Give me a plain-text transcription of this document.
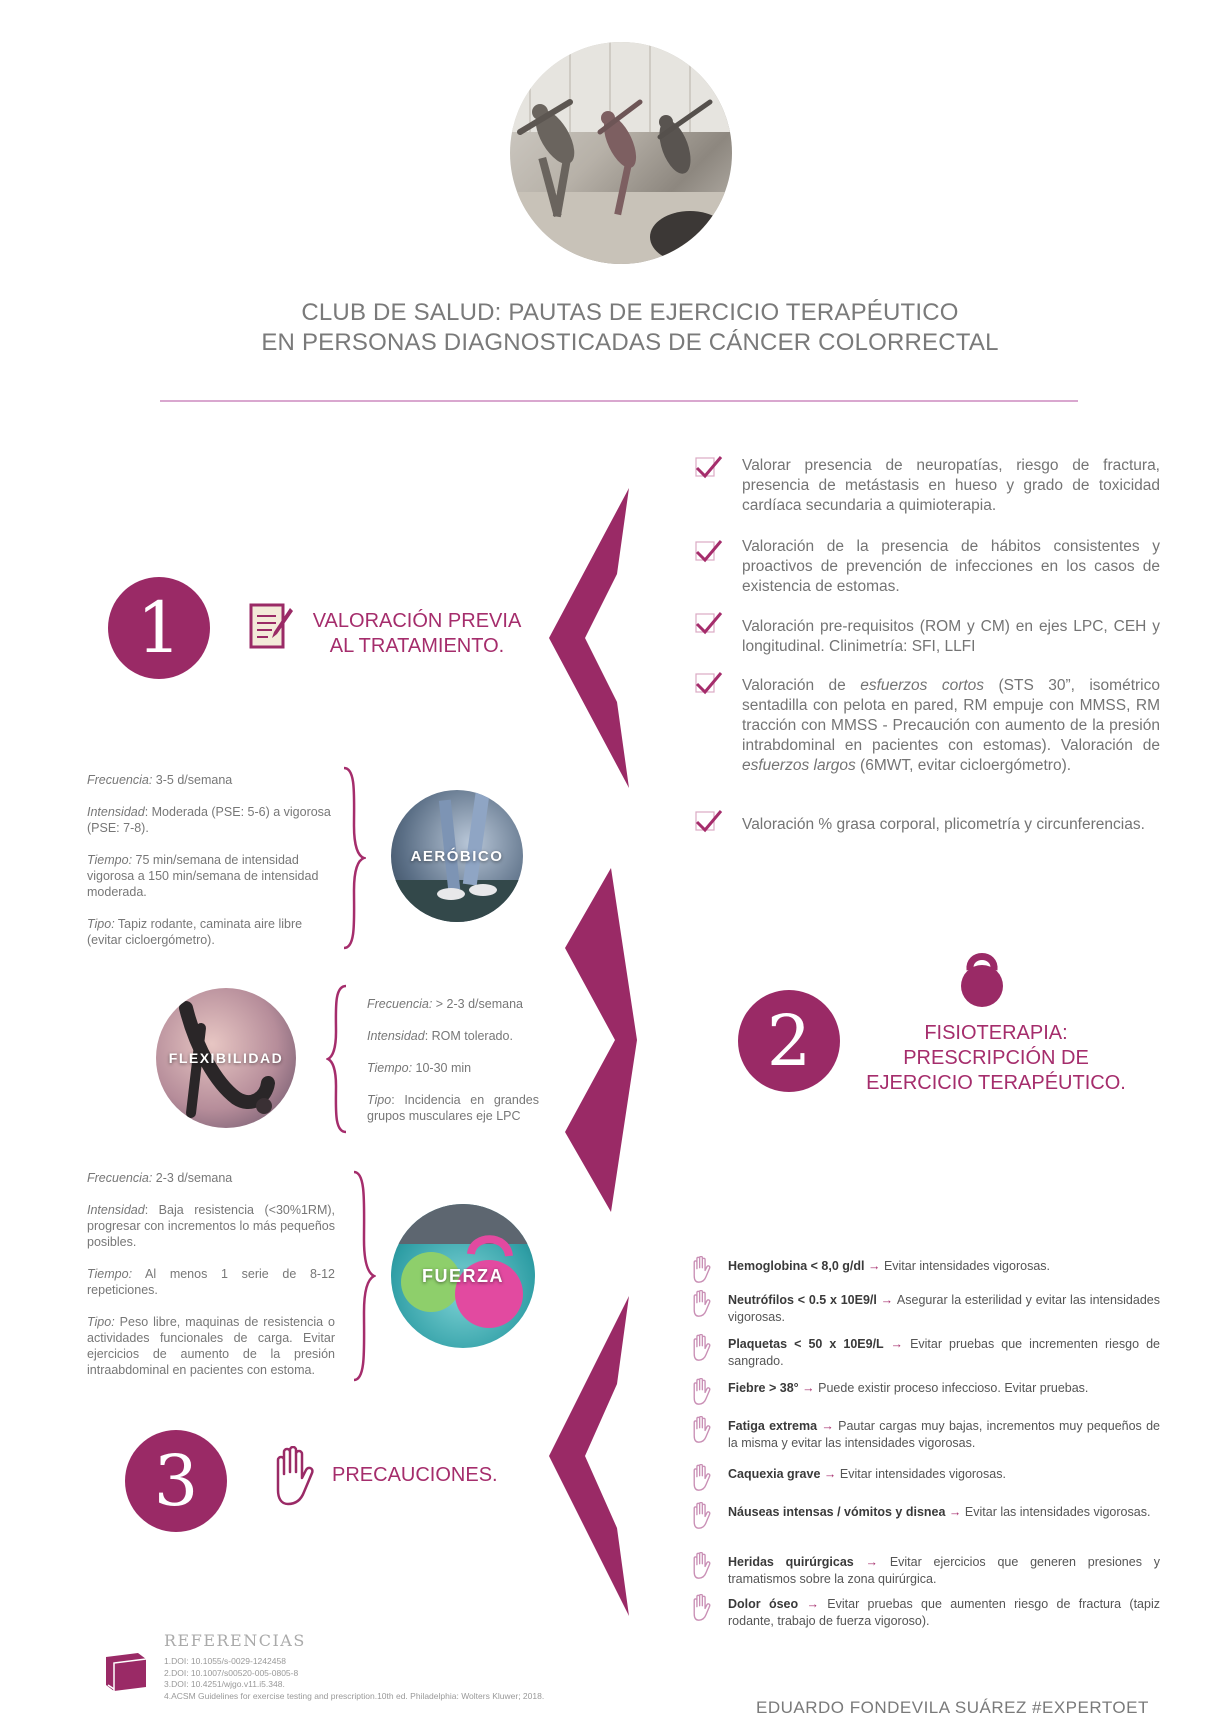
CLUB DE SALUD: PAUTAS DE EJERCICIO TERAPÉUTICO
EN PERSONAS DIAGNOSTICADAS DE CÁNCER COLORRECTAL
1	VALORACIÓN PREVIA
AL TRATAMIENTO.
Valorar presencia de neuropatías, riesgo de fractura, presencia de metástasis en hueso y grado de toxicidad cardíaca secundaria a quimioterapia.
Valoración de la presencia de hábitos consistentes y proactivos de prevención de infecciones en los casos de existencia de estomas.
Valoración pre-requisitos (ROM y CM) en ejes LPC, CEH y longitudinal. Clinimetría: SFI, LLFI
Valoración de esfuerzos cortos (STS 30”, isométrico sentadilla con pelota en pared, RM empuje con MMSS, RM tracción con MMSS - Precaución con aumento de la presión intrabdominal en pacientes con estomas). Valoración de esfuerzos largos (6MWT, evitar cicloergómetro).
Valoración % grasa corporal, plicometría y circunferencias.

Frecuencia: 3-5 d/semana

Intensidad: Moderada (PSE: 5-6) a vigorosa (PSE: 7-8).

Tiempo: 75 min/semana de intensidad vigorosa a 150 min/semana de intensidad moderada.

Tipo: Tapiz rodante, caminata aire libre (evitar cicloergómetro).

AERÓBICO
FLEXIBILIDAD

Frecuencia: > 2-3 d/semana

Intensidad: ROM tolerado.

Tiempo: 10-30 min

Tipo: Incidencia en grandes grupos musculares eje LPC

Frecuencia: 2-3 d/semana

Intensidad: Baja resistencia (<30%1RM), progresar con incrementos lo más pequeños posibles.

Tiempo: Al menos 1 serie de 8-12 repeticiones.

Tipo: Peso libre, maquinas de resistencia o actividades funcionales de carga. Evitar ejercicios de aumento de la presión intraabdominal en pacientes con estoma.

FUERZA
2	FISIOTERAPIA:
PRESCRIPCIÓN DE
EJERCICIO TERAPÉUTICO.
3	PRECAUCIONES.
Hemoglobina < 8,0 g/dl → Evitar intensidades vigorosas.
Neutrófilos < 0.5 x 10E9/l → Asegurar la esterilidad y evitar las intensidades vigorosas.
Plaquetas < 50 x 10E9/L → Evitar pruebas que incrementen riesgo de sangrado.
Fiebre > 38° → Puede existir proceso infeccioso. Evitar pruebas.
Fatiga extrema → Pautar cargas muy bajas, incrementos muy pequeños de la misma y evitar las intensidades vigorosas.
Caquexia grave → Evitar intensidades vigorosas.
Náuseas intensas / vómitos y disnea → Evitar las intensidades vigorosas.
Heridas quirúrgicas → Evitar ejercicios que generen presiones y tramatismos sobre la zona quirúrgica.
Dolor óseo → Evitar pruebas que aumenten riesgo de fractura (tapiz rodante, trabajo de fuerza vigoroso).
REFERENCIAS
1.DOI: 10.1055/s-0029-1242458
2.DOI: 10.1007/s00520-005-0805-8
3.DOI: 10.4251/wjgo.v11.i5.348.
4.ACSM Guidelines for exercise testing and prescription.10th ed. Philadelphia: Wolters Kluwer; 2018.
EDUARDO FONDEVILA SUÁREZ #EXPERTOET
